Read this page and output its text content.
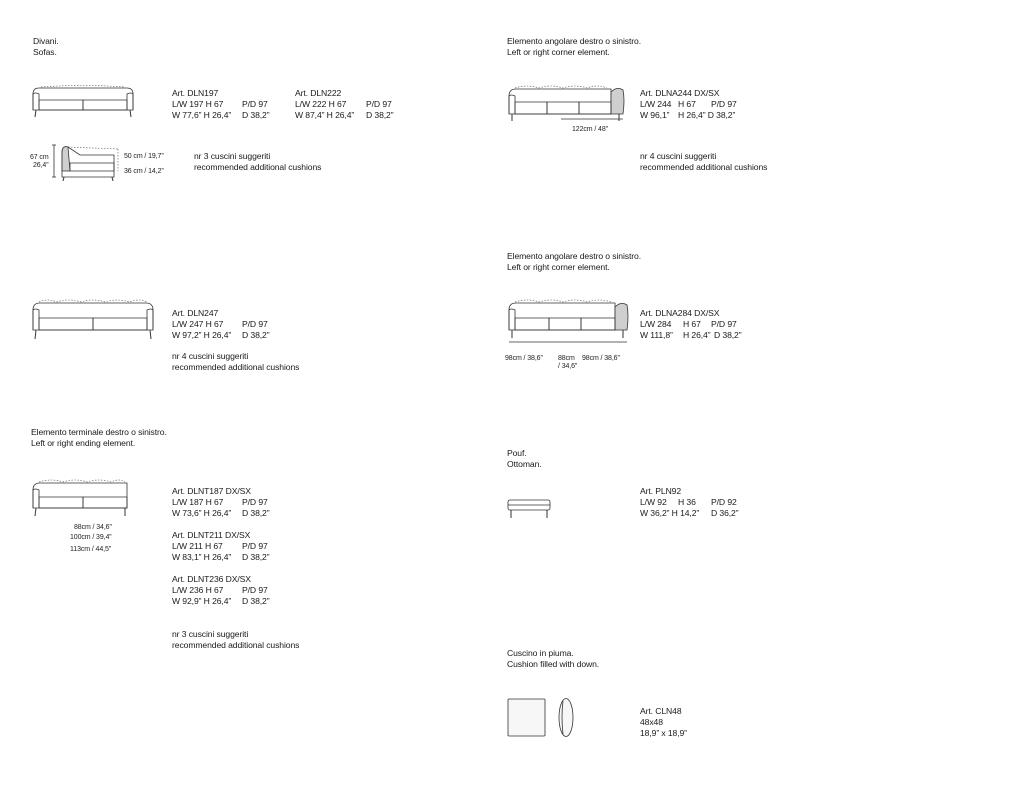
Divani.
Sofas.
Art. DLN197
L/W 197 H 67 P/D 97
W 77,6” H 26,4” D 38,2”
Art. DLN222
L/W 222 H 67 P/D 97
W 87,4” H 26,4” D 38,2”
67 cm
26,4”
50 cm / 19,7”
36 cm / 14,2”
nr 3 cuscini suggeriti
recommended additional cushions
Art. DLN247
L/W 247 H 67 P/D 97
W 97,2” H 26,4” D 38,2”
nr 4 cuscini suggeriti
recommended additional cushions
Elemento terminale destro o sinistro.
Left or right ending element.
88cm / 34,6”
100cm / 39,4”
113cm / 44,5”
Art. DLNT187 DX/SX
L/W 187 H 67 P/D 97
W 73,6” H 26,4” D 38,2”
Art. DLNT211 DX/SX
L/W 211 H 67 P/D 97
W 83,1” H 26,4” D 38,2”
Art. DLNT236 DX/SX
L/W 236 H 67 P/D 97
W 92,9” H 26,4” D 38,2”
nr 3 cuscini suggeriti
recommended additional cushions
Elemento angolare destro o sinistro.
Left or right corner element.
122cm / 48”
Art. DLNA244 DX/SX
L/W 244 H 67 P/D 97
W 96,1” H 26,4” D 38,2”
nr 4 cuscini suggeriti
recommended additional cushions
Elemento angolare destro o sinistro.
Left or right corner element.
98cm / 38,6” 88cm
/ 34,6”
98cm / 38,6”
Art. DLNA284 DX/SX
L/W 284 H 67 P/D 97
W 111,8” H 26,4” D 38,2”
Pouf.
Ottoman.
Art. PLN92
L/W 92 H 36 P/D 92
W 36,2” H 14,2” D 36,2”
Cuscino in piuma.
Cushion filled with down.
Art. CLN48
48x48
18,9” x 18,9”
